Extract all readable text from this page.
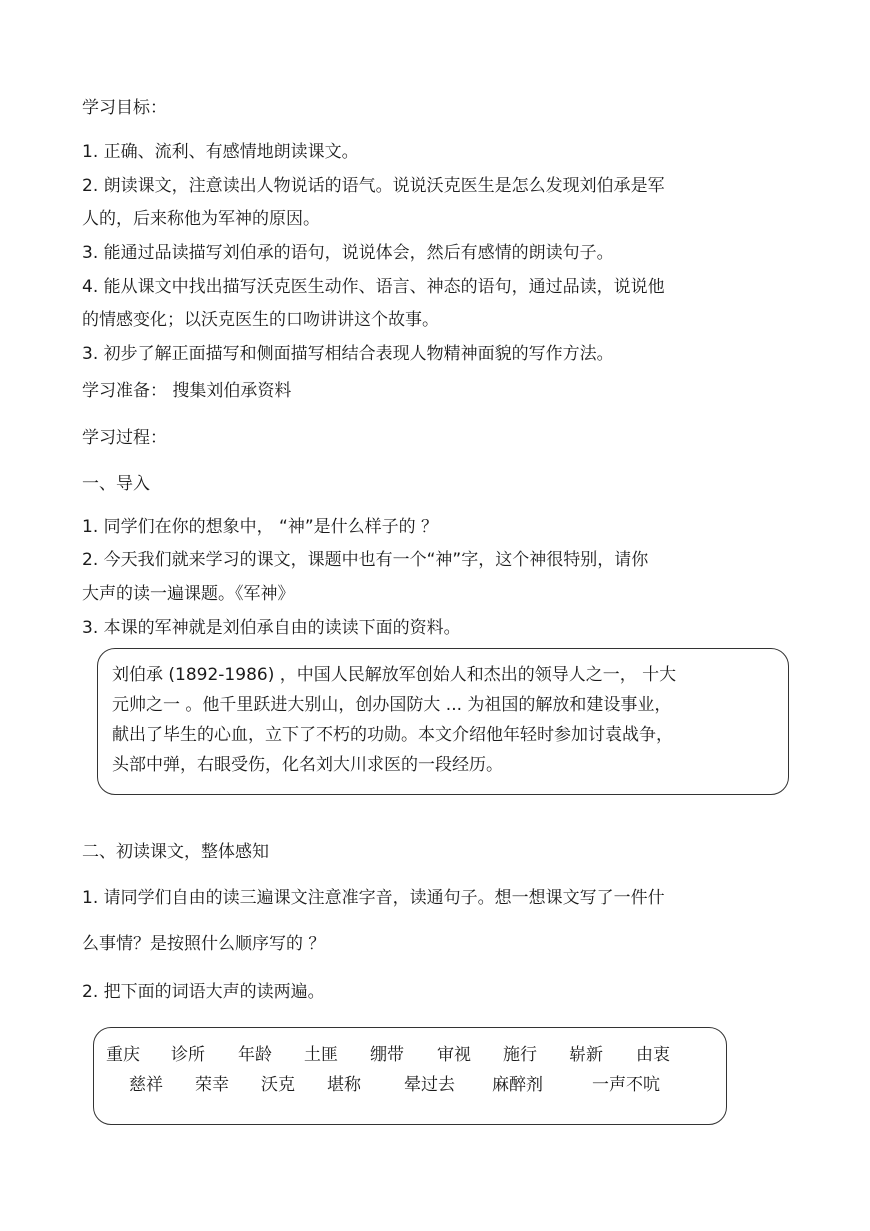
学习目标：
1. 正确、流利、有感情地朗读课文。
2. 朗读课文，注意读出人物说话的语气。说说沃克医生是怎么发现刘伯承是军
人的，后来称他为军神的原因。
3. 能通过品读描写刘伯承的语句，说说体会，然后有感情的朗读句子。
4. 能从课文中找出描写沃克医生动作、语言、神态的语句，通过品读，说说他
的情感变化；以沃克医生的口吻讲讲这个故事。
3. 初步了解正面描写和侧面描写相结合表现人物精神面貌的写作方法。
学习准备： 搜集刘伯承资料
学习过程：
一、导入
1. 同学们在你的想象中， “神”是什么样子的 ？
2. 今天我们就来学习的课文，课题中也有一个“神”字，这个神很特别，请你
大声的读一遍课题。《军神》
3. 本课的军神就是刘伯承自由的读读下面的资料。
刘伯承 (1892-1986) ，中国人民解放军创始人和杰出的领导人之一， 十大
元帅之一 。他千里跃进大别山，创办国防大 ... 为祖国的解放和建设事业，
献出了毕生的心血，立下了不朽的功勋。本文介绍他年轻时参加讨袁战争，
头部中弹，右眼受伤，化名刘大川求医的一段经历。
二、初读课文，整体感知
1. 请同学们自由的读三遍课文注意准字音，读通句子。想一想课文写了一件什
么事情？是按照什么顺序写的 ？
2. 把下面的词语大声的读两遍。
重庆 诊所 年龄 土匪 绷带 审视 施行 崭新 由衷
慈祥 荣幸 沃克 堪称	晕过去 麻醉剂	一声不吭
